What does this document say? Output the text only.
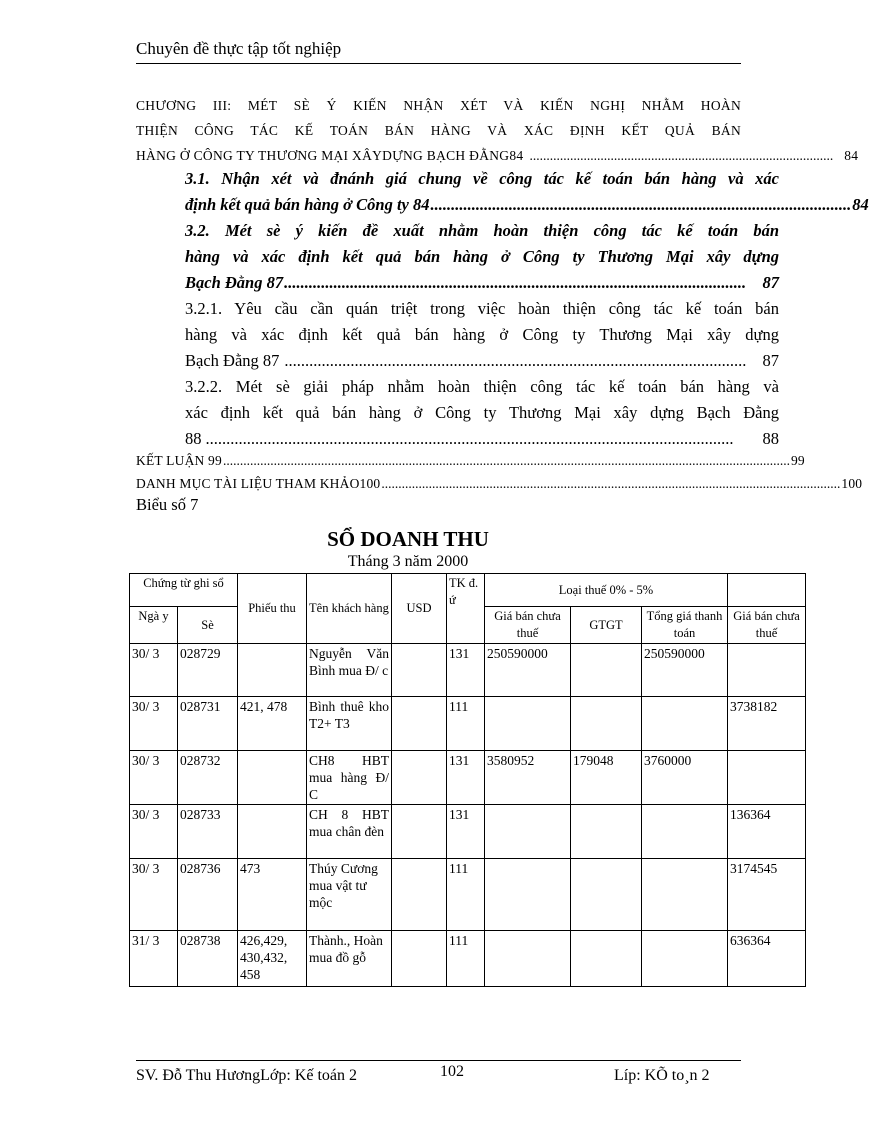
Chuyên đề thực tập tốt nghiệp
CHƯƠNG III: MÉT SÈ Ý KIẾN NHẬN XÉT VÀ KIẾN NGHỊ NHẰM HOÀN
THIỆN CÔNG TÁC KẾ TOÁN BÁN HÀNG VÀ XÁC ĐỊNH KẾT QUẢ BÁN
HÀNG Ở CÔNG TY THƯƠNG MẠI XÂYDỰNG BẠCH ĐẰNG84 .......................................................................................... 84
3.1. Nhận xét và đnánh giá chung về công tác kế toán bán hàng và xác
định kết quả bán hàng ở Công ty 84 ...................................................................................................... 84
3.2. Mét sè ý kiến đề xuất nhằm hoàn thiện công tác kế toán bán
hàng và xác định kết quả bán hàng ở Công ty Thương Mại xây dựng
Bạch Đằng 87 ................................................................................................................ 87
3.2.1. Yêu cầu cần quán triệt trong việc hoàn thiện công tác kế toán bán
hàng và xác định kết quả bán hàng ở Công ty Thương Mại xây dựng
Bạch Đằng 87 ................................................................................................................ 87
3.2.2. Mét sè giải pháp nhằm hoàn thiện công tác kế toán bán hàng và
xác định kết quả bán hàng ở Công ty Thương Mại xây dựng Bạch Đằng
88 ................................................................................................................................	88
KẾT LUẬN 99 ........................................................................................................................................................................ 99
DANH MỤC TÀI LIỆU THAM KHẢO100 ........................................................................................................................................ 100
Biểu số 7
SỔ DOANH THU
Tháng 3 năm 2000
Chứng từ ghi sổ		Phiếu thu	Tên khách hàng	USD	TK đ. ứ	Loại thuế 0% - 5%			
Ngà y	Sè					Giá bán chưa thuế	GTGT	Tổng giá thanh toán	Giá bán chưa thuế
30/ 3	028729		Nguyễn Văn Bình mua Đ/ c		131	250590000		250590000	
30/ 3	028731	421, 478	Bình thuê kho T2+ T3		111				3738182
30/ 3	028732		CH8 HBT mua hàng Đ/ C		131	3580952	179048	3760000	
30/ 3	028733		CH 8 HBT mua chân đèn		131				136364
30/ 3	028736	473	Thúy Cương mua vật tư mộc		111				3174545
31/ 3	028738	426,429, 430,432, 458	Thành., Hoàn mua đồ gỗ		111				636364
SV. Đỗ Thu HươngLớp: Kế toán 2	102	Líp: KÕ to¸n 2
